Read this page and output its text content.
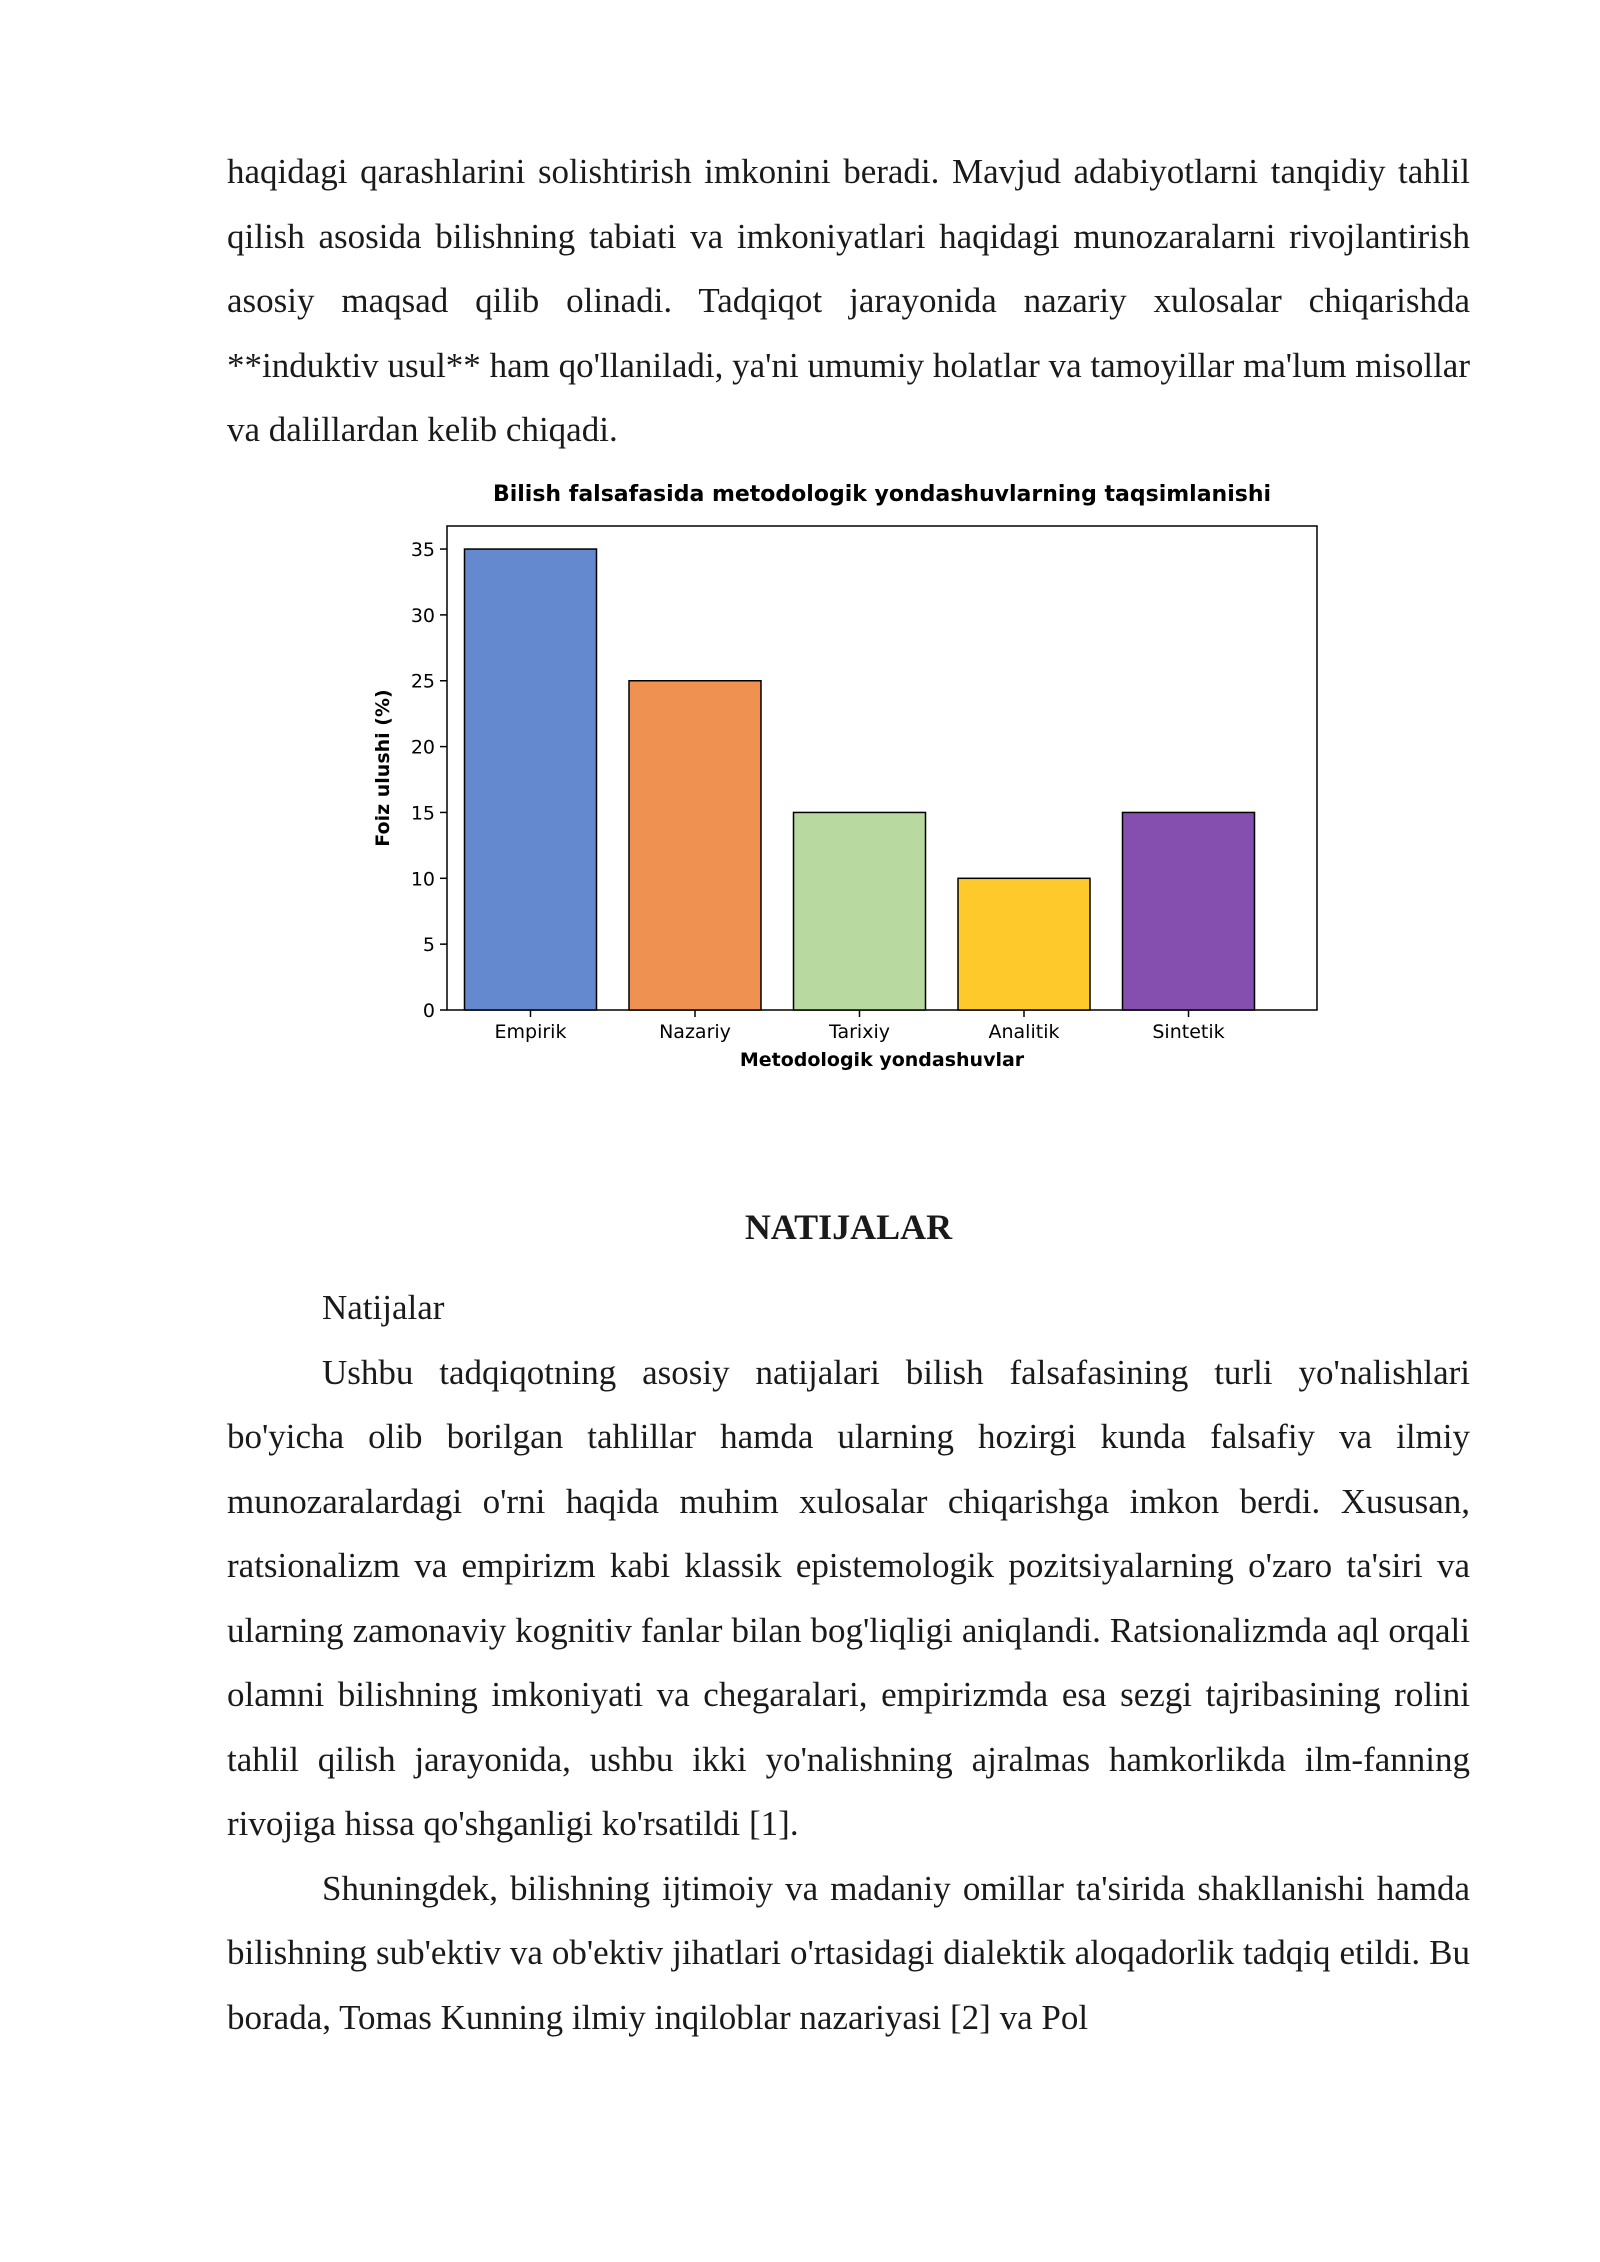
haqidagi qarashlarini solishtirish imkonini beradi. Mavjud adabiyotlarni tanqidiy tahlil qilish asosida bilishning tabiati va imkoniyatlari haqidagi munozaralarni rivojlantirish asosiy maqsad qilib olinadi. Tadqiqot jarayonida nazariy xulosalar chiqarishda **induktiv usul** ham qo'llaniladi, ya'ni umumiy holatlar va tamoyillar ma'lum misollar va dalillardan kelib chiqadi.

Bilish falsafasida metodologik yondashuvlarning taqsimlanishi
0
5
10
15
20
25
30
35
Empirik	Nazariy	Tarixiy	Analitik	Sintetik
Foiz ulushi (%)
Metodologik yondashuvlar
NATIJALAR

Natijalar

Ushbu tadqiqotning asosiy natijalari bilish falsafasining turli yo'nalishlari bo'yicha olib borilgan tahlillar hamda ularning hozirgi kunda falsafiy va ilmiy munozaralardagi o'rni haqida muhim xulosalar chiqarishga imkon berdi. Xususan, ratsionalizm va empirizm kabi klassik epistemologik pozitsiyalarning o'zaro ta'siri va ularning zamonaviy kognitiv fanlar bilan bog'liqligi aniqlandi. Ratsionalizmda aql orqali olamni bilishning imkoniyati va chegaralari, empirizmda esa sezgi tajribasining rolini tahlil qilish jarayonida, ushbu ikki yo'nalishning ajralmas hamkorlikda ilm-fanning rivojiga hissa qo'shganligi ko'rsatildi [1].

Shuningdek, bilishning ijtimoiy va madaniy omillar ta'sirida shakllanishi hamda bilishning sub'ektiv va ob'ektiv jihatlari o'rtasidagi dialektik aloqadorlik tadqiq etildi. Bu borada, Tomas Kunning ilmiy inqiloblar nazariyasi [2] va Pol
